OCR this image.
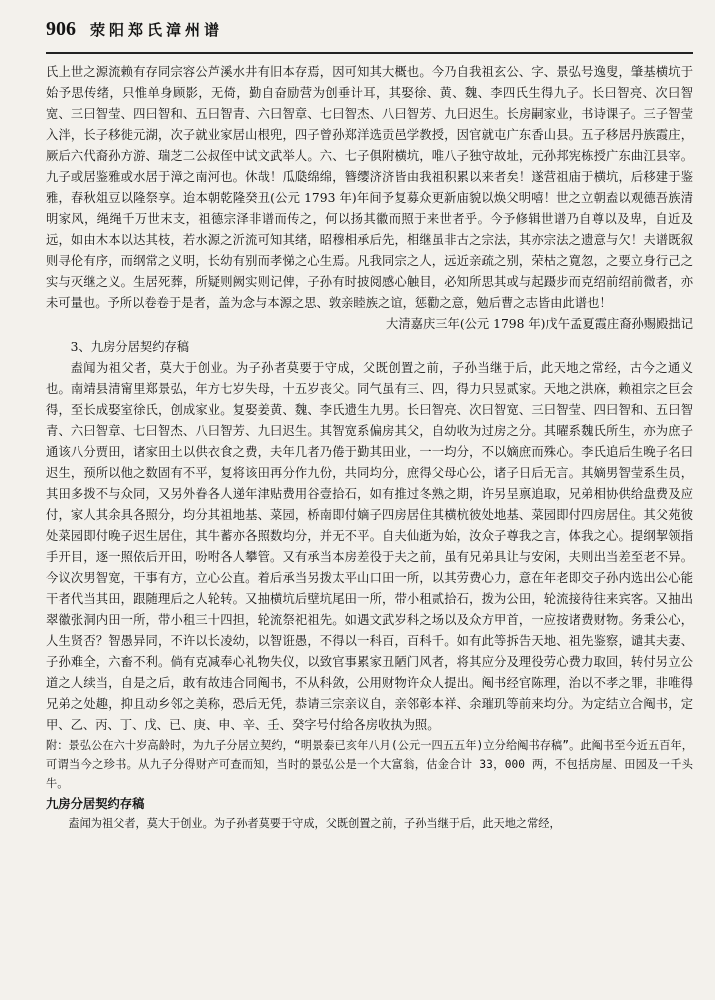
906 荥阳郑氏漳州谱

氏上世之源流赖有存同宗容公芦溪水井有旧本存焉，因可知其大概也。今乃自我祖玄公、字、景弘号逸叟，肇基横坑于始予思传绪，只惟单身顾影，无倚，勤自奋励营为创垂计耳，其娶徐、黄、魏、李四氏生得九子。长曰智亮、次曰智宽、三曰智莹、四曰智和、五曰智青、六曰智章、七曰智杰、八曰智芳、九曰迟生。长房嗣家业，书诗课子。三子智莹入泮，长子移徙元湖，次子就业家居山根兜，四子曾孙郑洋选贡邑学教授，因官就屯广东香山县。五子移居丹族霞庄，厥后六代裔孙方游、瑞芝二公叔侄中试文武举人。六、七子俱附横坑，唯八子独守故址，元孙邦宪栋授广东曲江县宰。九子或居鉴雅或水居于漳之南河也。休哉！瓜瓞绵绵，簪缨济济皆由我祖积累以来者矣！遂营祖庙于横坑，后移建于鉴雅，春秋俎豆以隆祭享。迨本朝乾隆癸丑(公元 1793 年)年间予复募众更新庙貌以焕父明嘻！世之立朝盍以观德吾族清明家风，绳绳千万世末支，祖德宗泽非谱而传之，何以扬其徽而照于来世者乎。今予修辑世谱乃自尊以及卑，自近及远，如由木本以达其枝，若水源之沂流可知其绪，昭穆相承后先，相继虽非古之宗法，其亦宗法之遗意与欠！夫谱既叙则寻伦有序，而纲常之义明，长幼有别而孝悌之心生焉。凡我同宗之人，远近亲疏之别，荣枯之寛忽，之要立身行己之实与灭继之义。生居死葬，所疑则阙实则记俾，子孙有时披阅感心触目，必知所思其或与起蹑步而克绍前绍前微者，亦未可量也。予所以卷卷于是者，盖为念与本源之思、敦亲睦族之谊，惩勸之意，勉后曹之志皆由此谱也！

大清嘉庆三年(公元 1798 年)戊午孟夏霞庄裔孙赐殿拙记

3、九房分居契约存稿

盍闻为祖父者，莫大于创业。为子孙者莫要于守成，父既创置之前，子孙当继于后，此天地之常经，古今之通义也。南靖县清甯里郑景弘，年方七岁失母，十五岁丧父。同气虽有三、四，得力只昱贰家。天地之洪庥，赖祖宗之巨会得，至长成娶室徐氏，创成家业。复娶姜黄、魏、李氏遗生九男。长曰智亮、次曰智宽、三曰智莹、四曰智和、五曰智青、六曰智章、七曰智杰、八曰智芳、九曰迟生。其智宽系偏房其父，自幼收为过房之分。其曜系魏氏所生，亦为庶子通该八分贾田，诸家田土以供衣食之费，夫年几者乃倦于勤其田业，一一均分，不以嫡庶而殊心。李氏追后生晚子名曰迟生，预所以他之数固有不平，复将该田再分作九份，共同均分，庶得父母心公，诸子日后无言。其嫡男智莹系生员，其田多拨不与众同，又另外眷各人递年津贴费用谷壹拾石，如有推过冬熟之期，许另呈禀追取，兄弟相协供给盘费及应付，家人其余具各照分，均分其祖地基、菜园，桥南即付嫡子四房居住其横杭彼处地基、菜园即付四房居住。其父苑彼处菜园即付晚子迟生居住，其牛蓄亦各照数均分，并无不平。自夫仙逝为始，汝众子尊我之言，体我之心。提纲挈领指手开目，逐一照依后开田，吩咐各人攀管。又有承当本房差役于夫之前，虽有兄弟具让与安闲，夫则出当差至老不异。今议次男智宽，干事有方，立心公直。着后承当另拨太平山口田一所，以其劳费心力，意在年老即交子孙内选出公心能干者代当其田，跟随理后之人轮转。又抽横坑后壁坑尾田一所，带小租贰拾石，拨为公田，轮流接待往来宾客。又抽出翠徽张洞内田一所，带小租三十四担，轮流祭祀祖先。如遇文武岁科之场以及众方甲首，一应按诸费财物。务秉公心，人生贤否？智愚异同，不许以长凌幼，以智诳愚，不得以一科百，百科千。如有此等拆告天地、祖先鉴察，谴其夫妻、子孙难全，六畜不利。倘有克减奉心礼物失仪，以致官事累家丑陋门风者，将其应分及理役劳心费力取回，转付另立公道之人续当，自是之后，敢有故违合同阄书，不从科敛，公用财物许众人提出。阄书经官陈理，治以不孝之罪，非唯得兄弟之处趣，抑且动乡邻之美称，恐后无凭，恭请三宗亲议自，亲邻彰本祥、余璀玑等前来均分。为定结立合阄书，定甲、乙、丙、丁、戊、已、庚、申、辛、壬、癸字号付给各房收执为照。

附：景弘公在六十岁高龄时，为九子分居立契约，“明景泰已亥年八月(公元一四五五年)立分给阄书存稿”。此阄书至今近五百年，可谓当今之珍书。从九子分得财产可查而知，当时的景弘公是一个大富翁，估金合计 33，000 两，不包括房屋、田园及一千头牛。

九房分居契约存稿

盍闻为祖父者，莫大于创业。为子孙者莫要于守成，父既创置之前，子孙当继于后，此天地之常经，
